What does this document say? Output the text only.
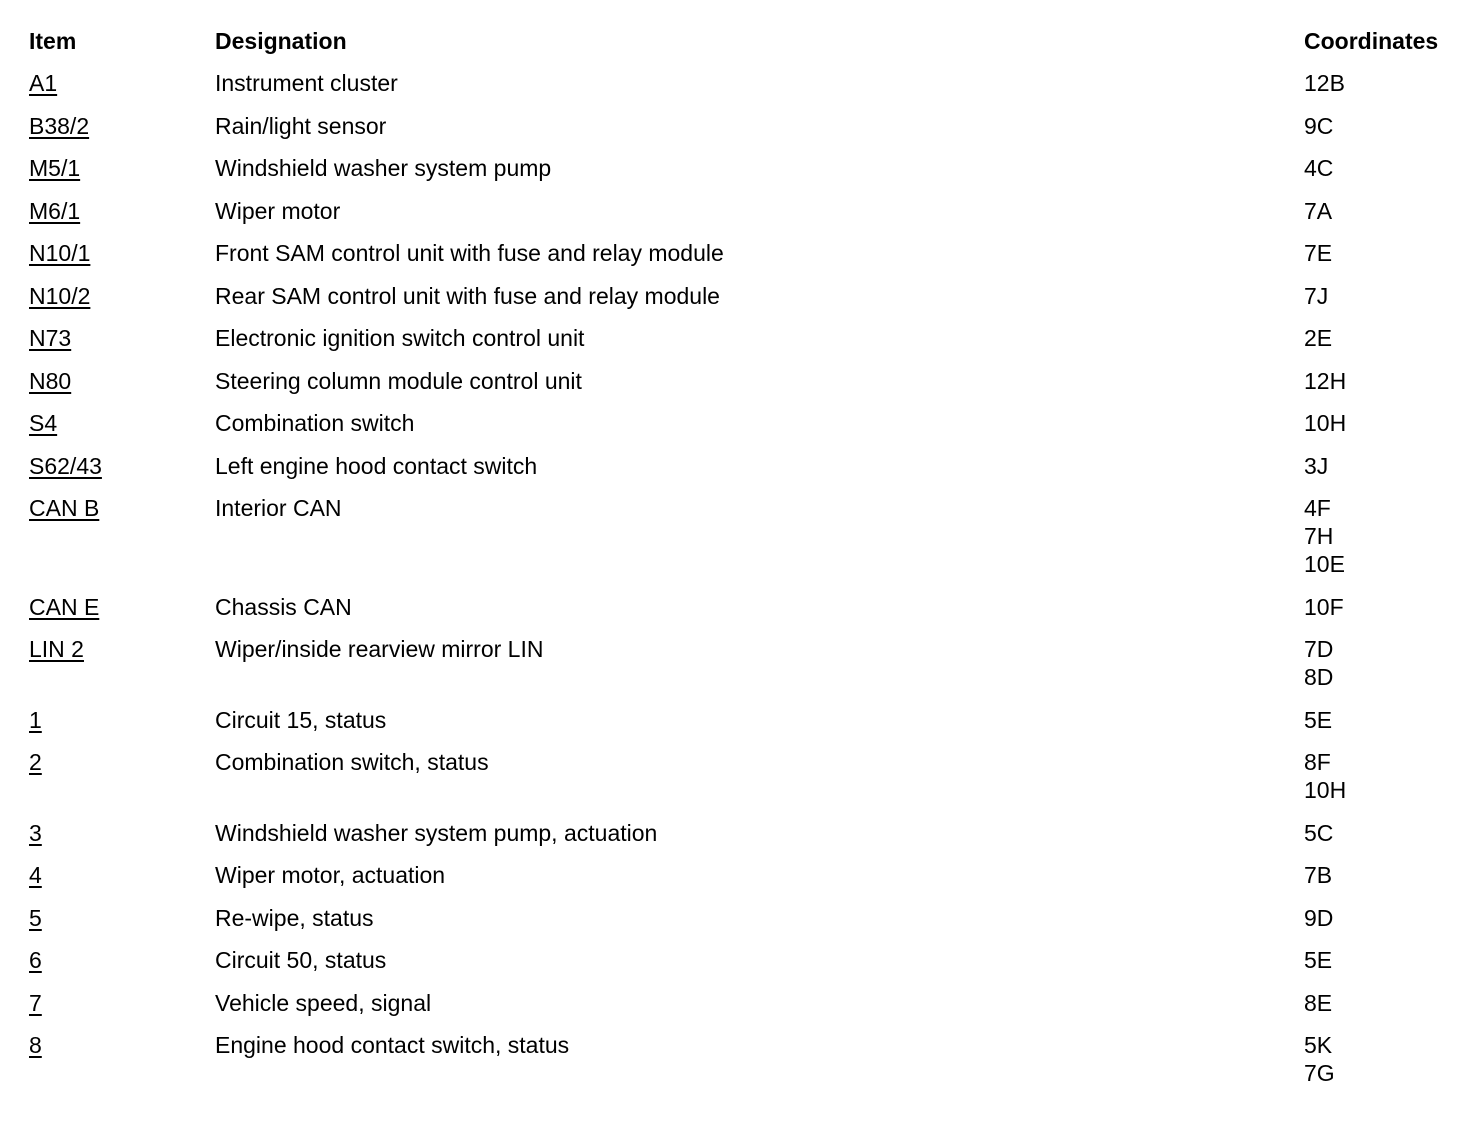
Item	Designation	Coordinates
A1	Instrument cluster	12B
B38/2	Rain/light sensor	9C
M5/1	Windshield washer system pump	4C
M6/1	Wiper motor	7A
N10/1	Front SAM control unit with fuse and relay module	7E
N10/2	Rear SAM control unit with fuse and relay module	7J
N73	Electronic ignition switch control unit	2E
N80	Steering column module control unit	12H
S4	Combination switch	10H
S62/43	Left engine hood contact switch	3J
CAN B	Interior CAN	4F
7H
10E
CAN E	Chassis CAN	10F
LIN 2	Wiper/inside rearview mirror LIN	7D
8D
1	Circuit 15, status	5E
2	Combination switch, status	8F
10H
3	Windshield washer system pump, actuation	5C
4	Wiper motor, actuation	7B
5	Re-wipe, status	9D
6	Circuit 50, status	5E
7	Vehicle speed, signal	8E
8	Engine hood contact switch, status	5K
7G
